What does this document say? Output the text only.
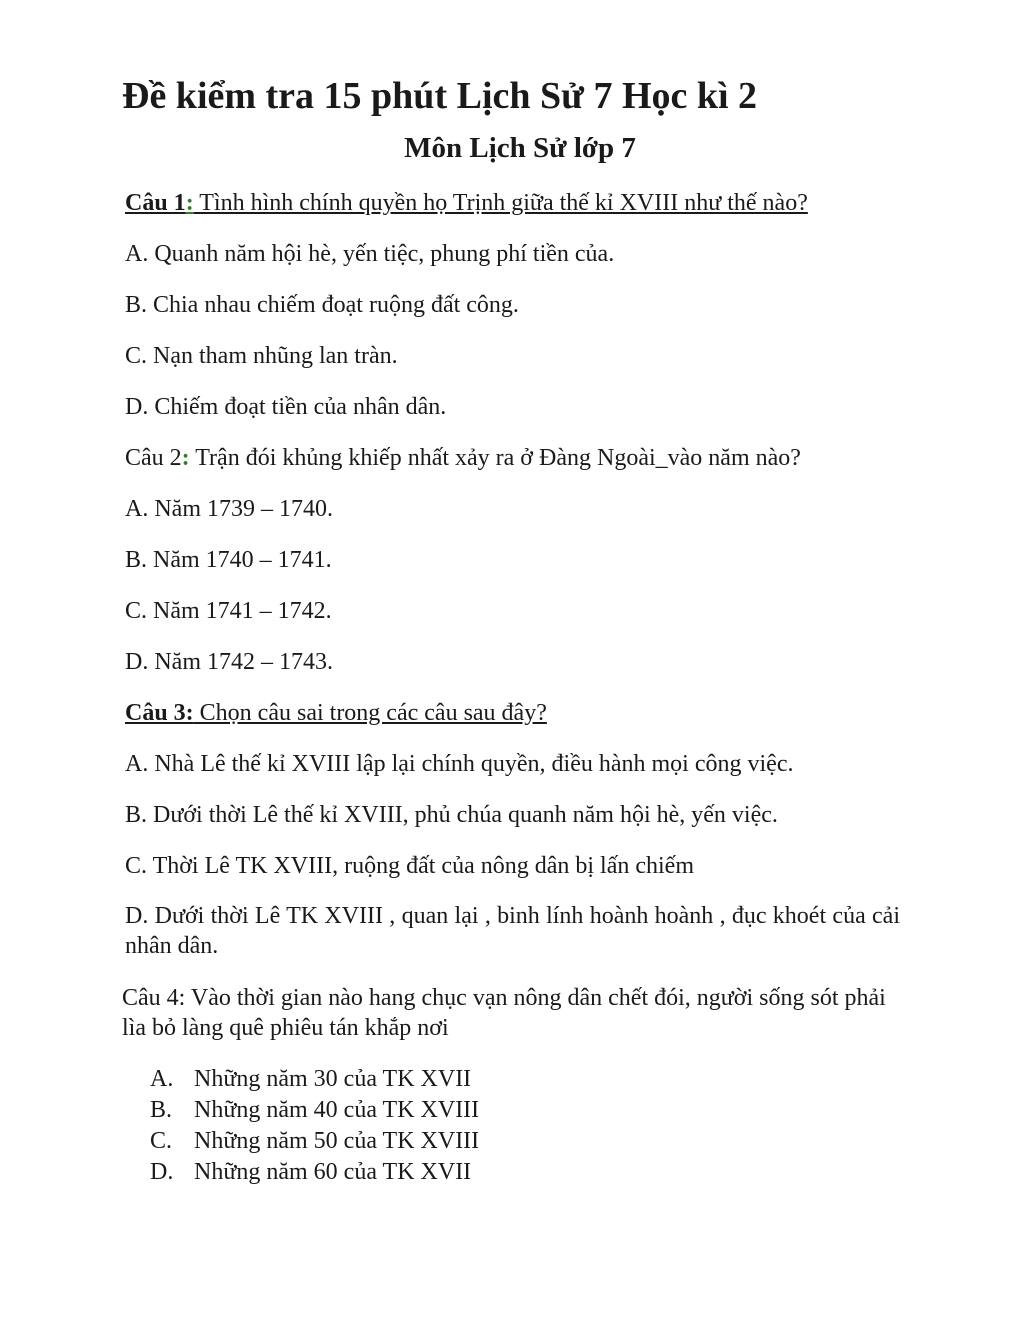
Đề kiểm tra 15 phút Lịch Sử 7 Học kì 2
Môn Lịch Sử lớp 7
Câu 1: Tình hình chính quyền họ Trịnh giữa thế kỉ XVIII như thế nào?
A. Quanh năm hội hè, yến tiệc, phung phí tiền của.
B. Chia nhau chiếm đoạt ruộng đất công.
C. Nạn tham nhũng lan tràn.
D. Chiếm đoạt tiền của nhân dân.
Câu 2: Trận đói khủng khiếp nhất xảy ra ở Đàng Ngoài_vào năm nào?
A. Năm 1739 – 1740.
B. Năm 1740 – 1741.
C. Năm 1741 – 1742.
D. Năm 1742 – 1743.
Câu 3: Chọn câu sai trong các câu sau đây?
A. Nhà Lê thế kỉ XVIII lập lại chính quyền, điều hành mọi công việc.
B. Dưới thời Lê thế kỉ XVIII, phủ chúa quanh năm hội hè, yến việc.
C. Thời Lê TK XVIII, ruộng đất của nông dân bị lấn chiếm
D. Dưới thời Lê TK XVIII , quan lại , binh lính hoành hoành , đục khoét của cải nhân dân.
Câu 4: Vào thời gian nào hang chục vạn nông dân chết đói, người sống sót phải lìa bỏ làng quê phiêu tán khắp nơi
A. Những năm 30 của TK XVII
B. Những năm 40 của TK XVIII
C. Những năm 50 của TK XVIII
D. Những năm 60 của TK XVII
